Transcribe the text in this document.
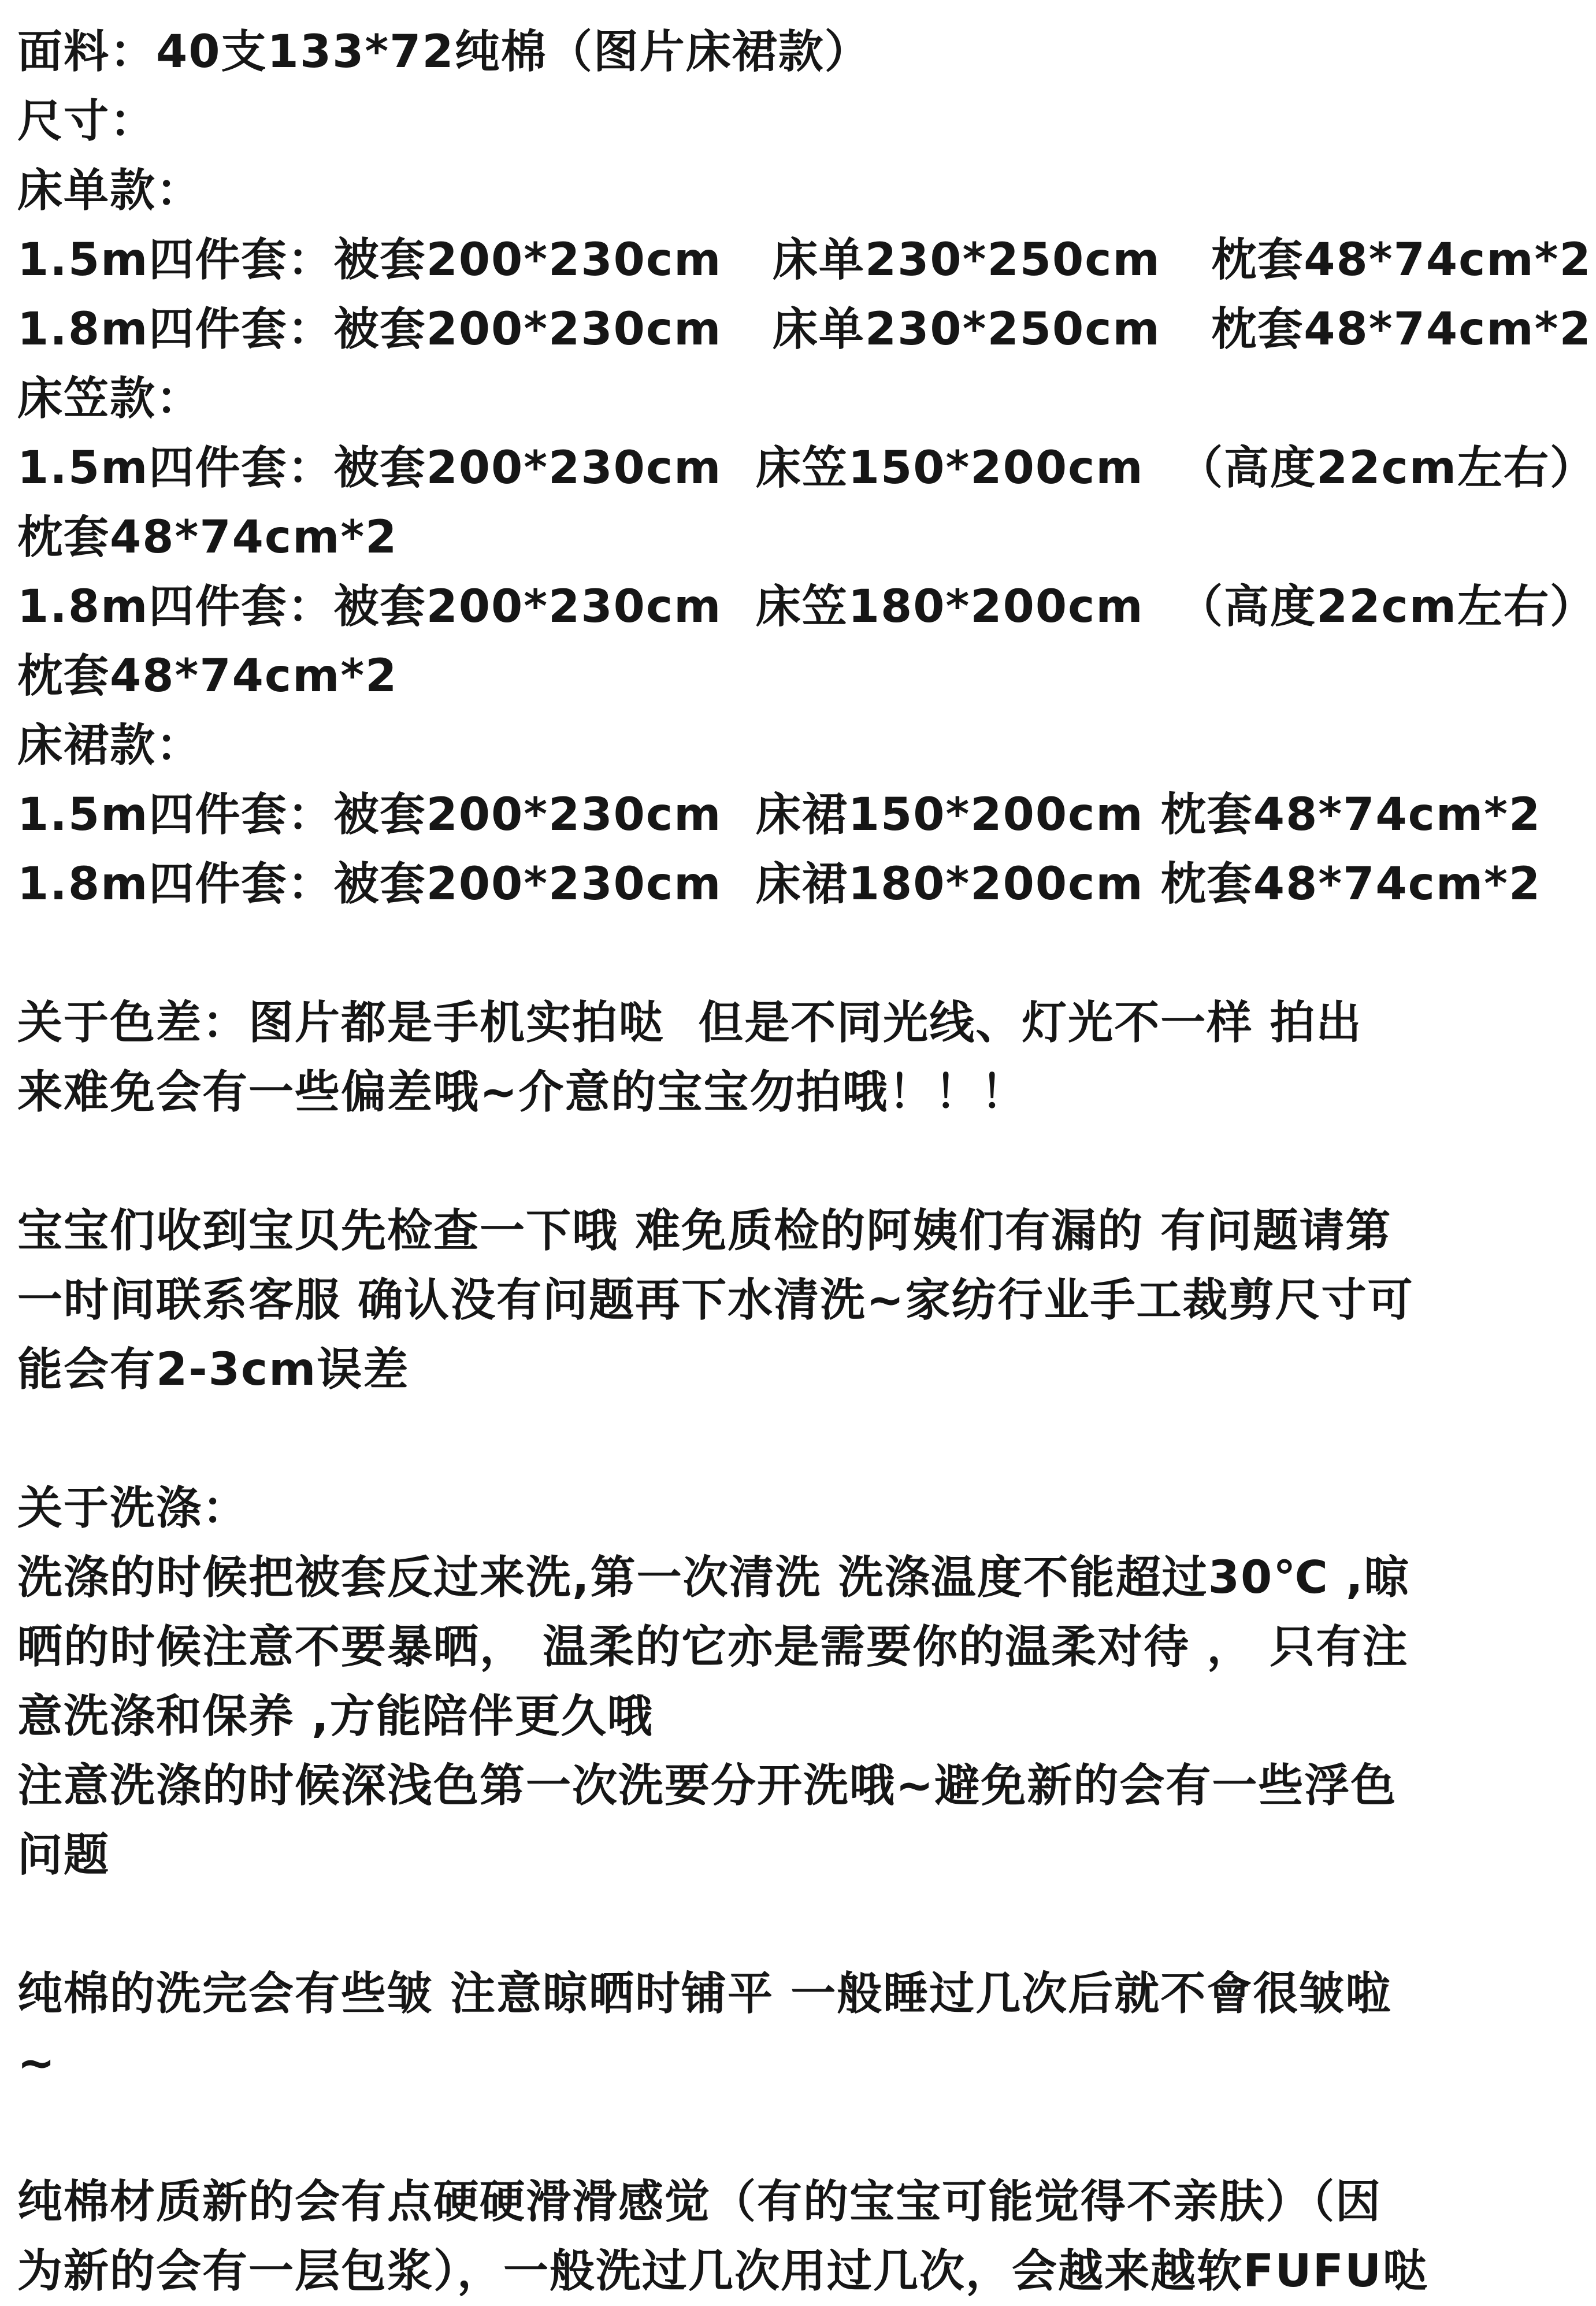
面料：40支133*72纯棉（图片床裙款）
尺寸：
床单款：
1.5m四件套：被套200*230cm   床单230*250cm   枕套48*74cm*2
1.8m四件套：被套200*230cm   床单230*250cm   枕套48*74cm*2
床笠款：
1.5m四件套：被套200*230cm  床笠150*200cm  （高度22cm左右）
枕套48*74cm*2
1.8m四件套：被套200*230cm  床笠180*200cm  （高度22cm左右）
枕套48*74cm*2
床裙款：
1.5m四件套：被套200*230cm  床裙150*200cm 枕套48*74cm*2
1.8m四件套：被套200*230cm  床裙180*200cm 枕套48*74cm*2
关于色差：图片都是手机实拍哒  但是不同光线、灯光不一样 拍出
来难免会有一些偏差哦~介意的宝宝勿拍哦！！！
宝宝们收到宝贝先检查一下哦 难免质检的阿姨们有漏的 有问题请第
一时间联系客服 确认没有问题再下水清洗~家纺行业手工裁剪尺寸可
能会有2-3cm误差
关于洗涤：
洗涤的时候把被套反过来洗,第一次清洗 洗涤温度不能超过30℃ ,晾
晒的时候注意不要暴晒， 温柔的它亦是需要你的温柔对待 ， 只有注
意洗涤和保养 ,方能陪伴更久哦
注意洗涤的时候深浅色第一次洗要分开洗哦~避免新的会有一些浮色
问题
纯棉的洗完会有些皱 注意晾晒时铺平 一般睡过几次后就不會很皱啦
~
纯棉材质新的会有点硬硬滑滑感觉（有的宝宝可能觉得不亲肤）（因
为新的会有一层包浆），一般洗过几次用过几次，会越来越软FUFU哒
